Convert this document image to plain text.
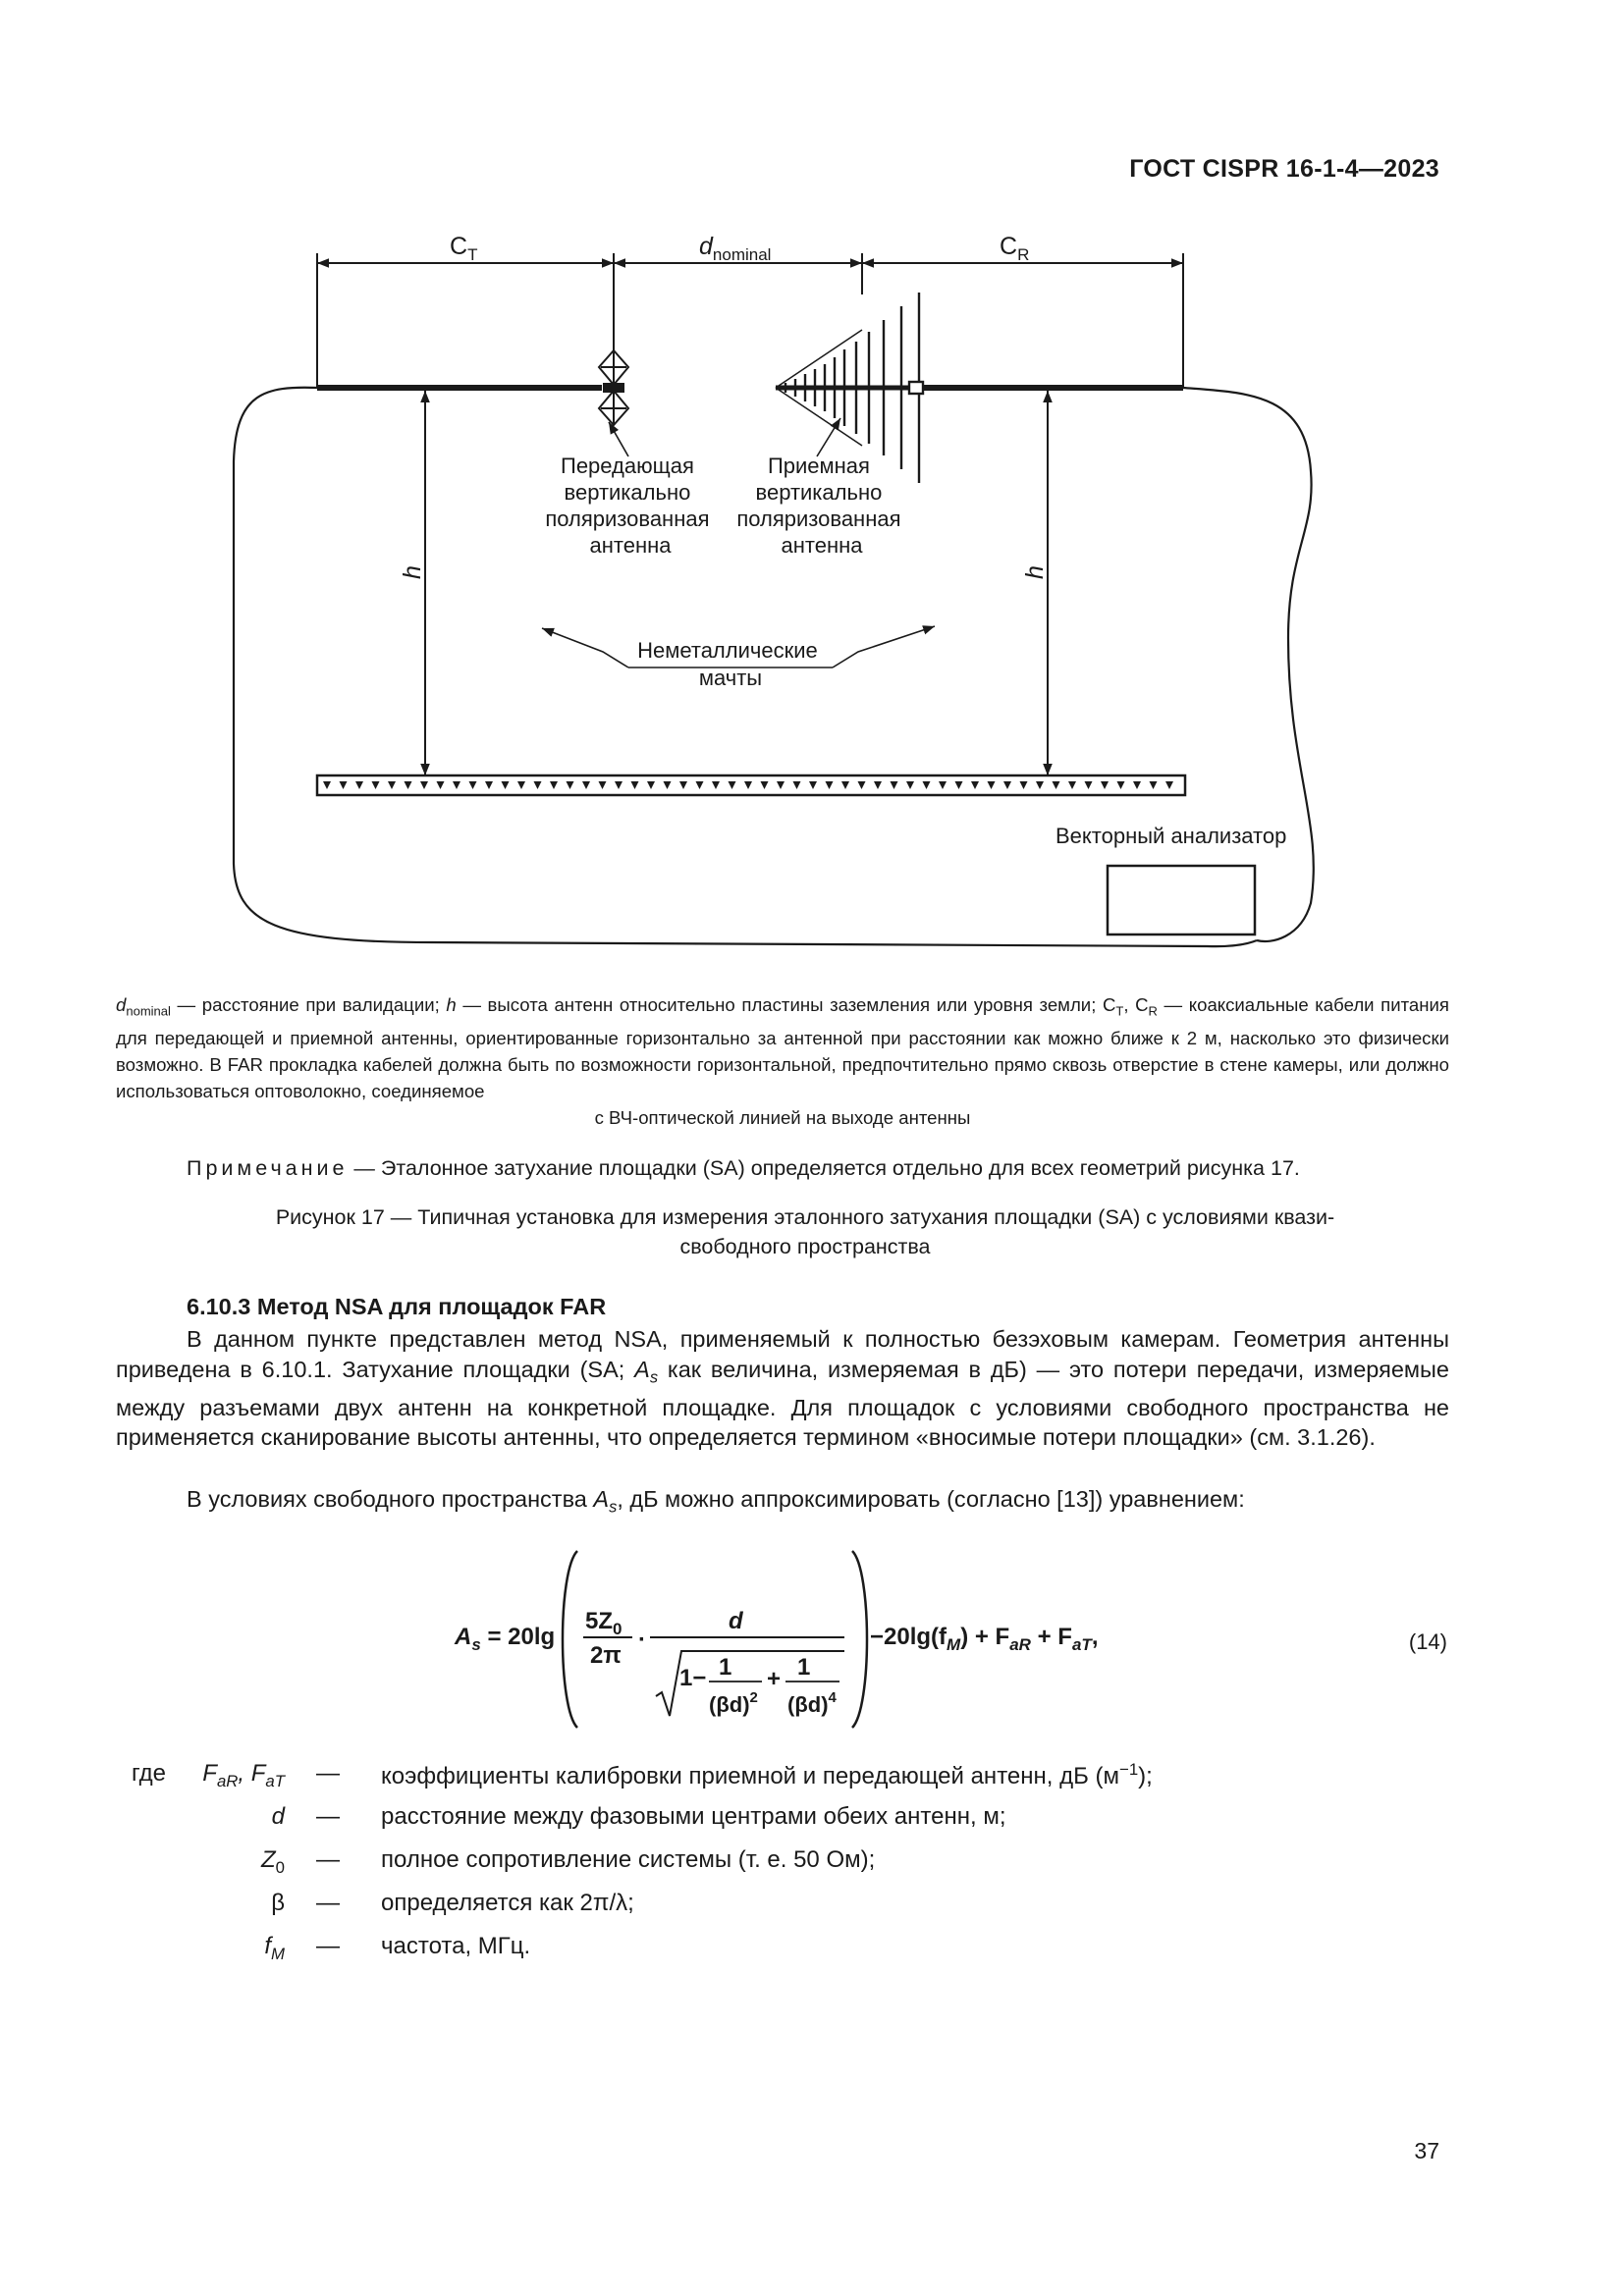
ГОСТ CISPR 16-1-4—2023
$C_T$	$d_{nominal}$	$C_R$
h	h
Передающая вертикально поляризованная антенна
Приемная вертикально поляризованная антенна
Неметаллические мачты
Векторный анализатор
$d_{nominal}$ — расстояние при валидации; h — высота антенн относительно пластины заземления или уровня земли; $C_T$, $C_R$ — коаксиальные кабели питания для передающей и приемной антенны, ориентированные горизонтально за антенной при расстоянии как можно ближе к 2 м, насколько это физически возможно. В FAR прокладка кабелей должна быть по возможности горизонтальной, предпочтительно прямо сквозь отверстие в стене камеры, или должно использоваться оптоволокно, соединяемое
с ВЧ-оптической линией на выходе антенны
Примечание — Эталонное затухание площадки (SA) определяется отдельно для всех геометрий рисунка 17.
Рисунок 17 — Типичная установка для измерения эталонного затухания площадки (SA) с условиями квази-
свободного пространства
6.10.3 Метод NSA для площадок FAR
В данном пункте представлен метод NSA, применяемый к полностью безэховым камерам. Геометрия антенны приведена в 6.10.1. Затухание площадки (SA; $A_s$ как величина, измеряемая в дБ) — это потери передачи, измеряемые между разъемами двух антенн на конкретной площадке. Для площадок с условиями свободного пространства не применяется сканирование высоты антенны, что определяется термином «вносимые потери площадки» (см. 3.1.26).
В условиях свободного пространства $A_s$, дБ можно аппроксимировать (согласно [13]) уравнением:
$A_s = 20\lg$
$5Z_0$
2π
·
d
1− 1
$(\beta d)^2$
+ 1
$(\beta d)^4$
$-20\lg(f_M) + F_{aR} + F_{aT}$,	(14)
где $F_{aR}$, $F_{aT}$ — коэффициенты калибровки приемной и передающей антенн, дБ $(м^{-1})$;
d — расстояние между фазовыми центрами обеих антенн, м;
$Z_0$ — полное сопротивление системы (т. е. 50 Ом);
β — определяется как 2π/λ;
$f_M$ — частота, МГц.
37
